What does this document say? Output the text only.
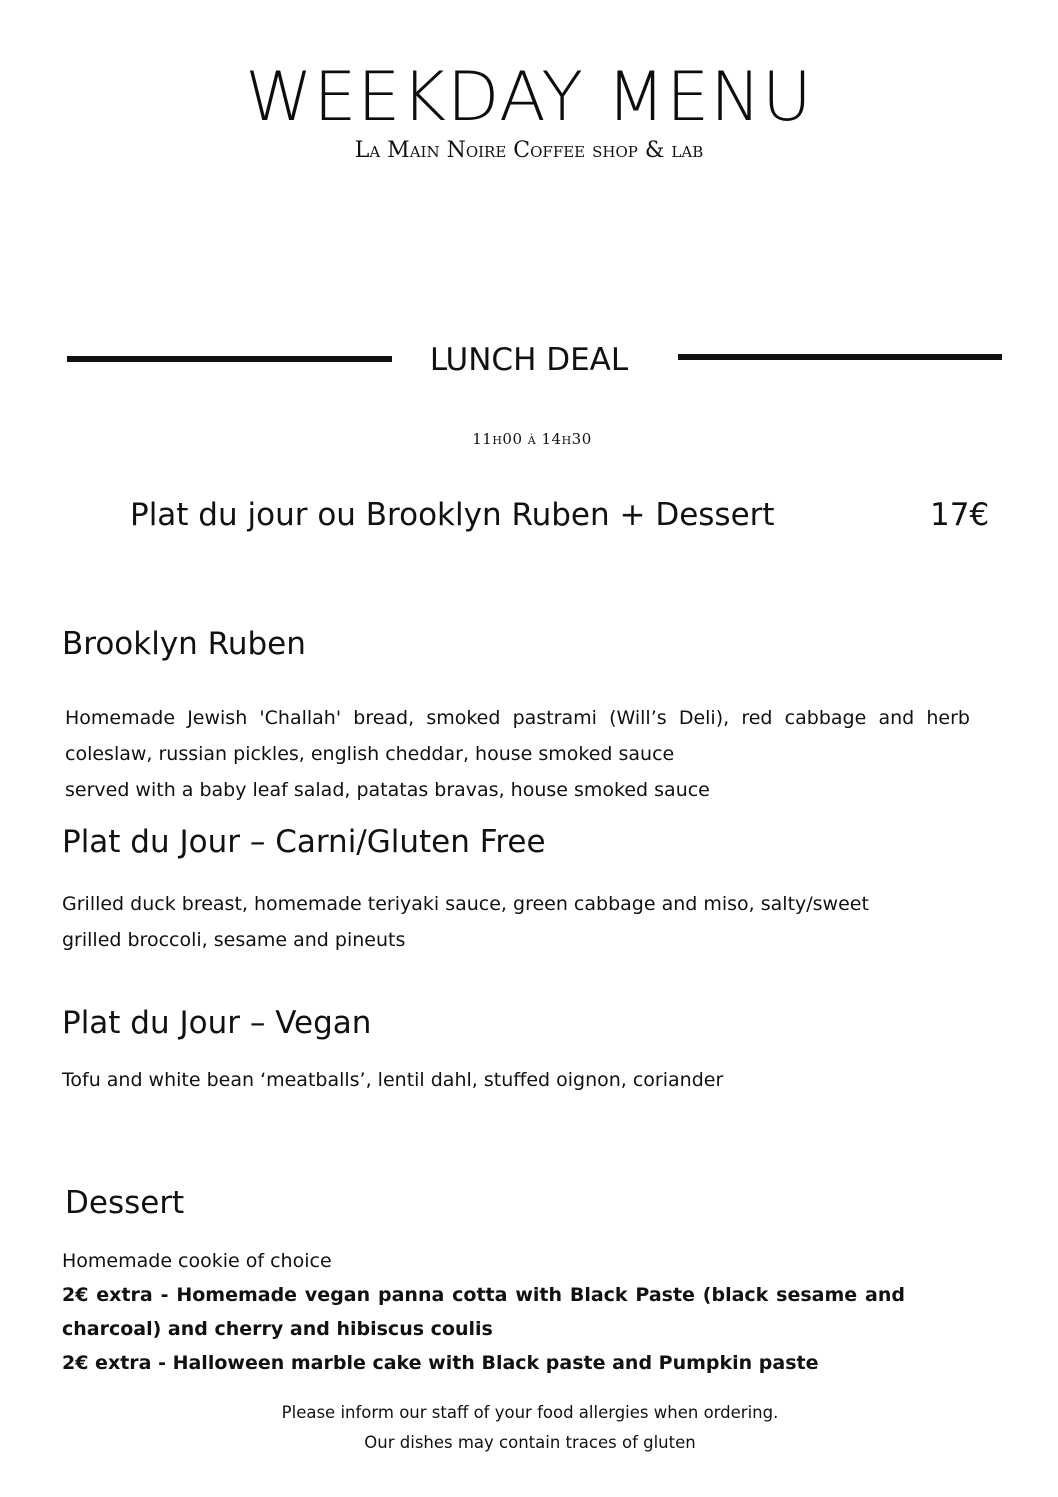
WEEKDAY MENU
La Main Noire Coffee shop & lab
LUNCH DEAL
11h00 à 14h30
Plat du jour ou Brooklyn Ruben + Dessert	17€
Brooklyn Ruben
Homemade Jewish 'Challah' bread, smoked pastrami (Will’s Deli), red cabbage and herb coleslaw, russian pickles, english cheddar, house smoked sauce
served with a baby leaf salad, patatas bravas, house smoked sauce
Plat du Jour – Carni/Gluten Free
Grilled duck breast, homemade teriyaki sauce, green cabbage and miso, salty/sweet grilled broccoli, sesame and pineuts
Plat du Jour – Vegan
Tofu and white bean ‘meatballs’, lentil dahl, stuffed oignon, coriander
Dessert
Homemade cookie of choice
2€ extra - Homemade vegan panna cotta with Black Paste (black sesame and charcoal) and cherry and hibiscus coulis
2€ extra - Halloween marble cake with Black paste and Pumpkin paste
Please inform our staff of your food allergies when ordering.
Our dishes may contain traces of gluten
